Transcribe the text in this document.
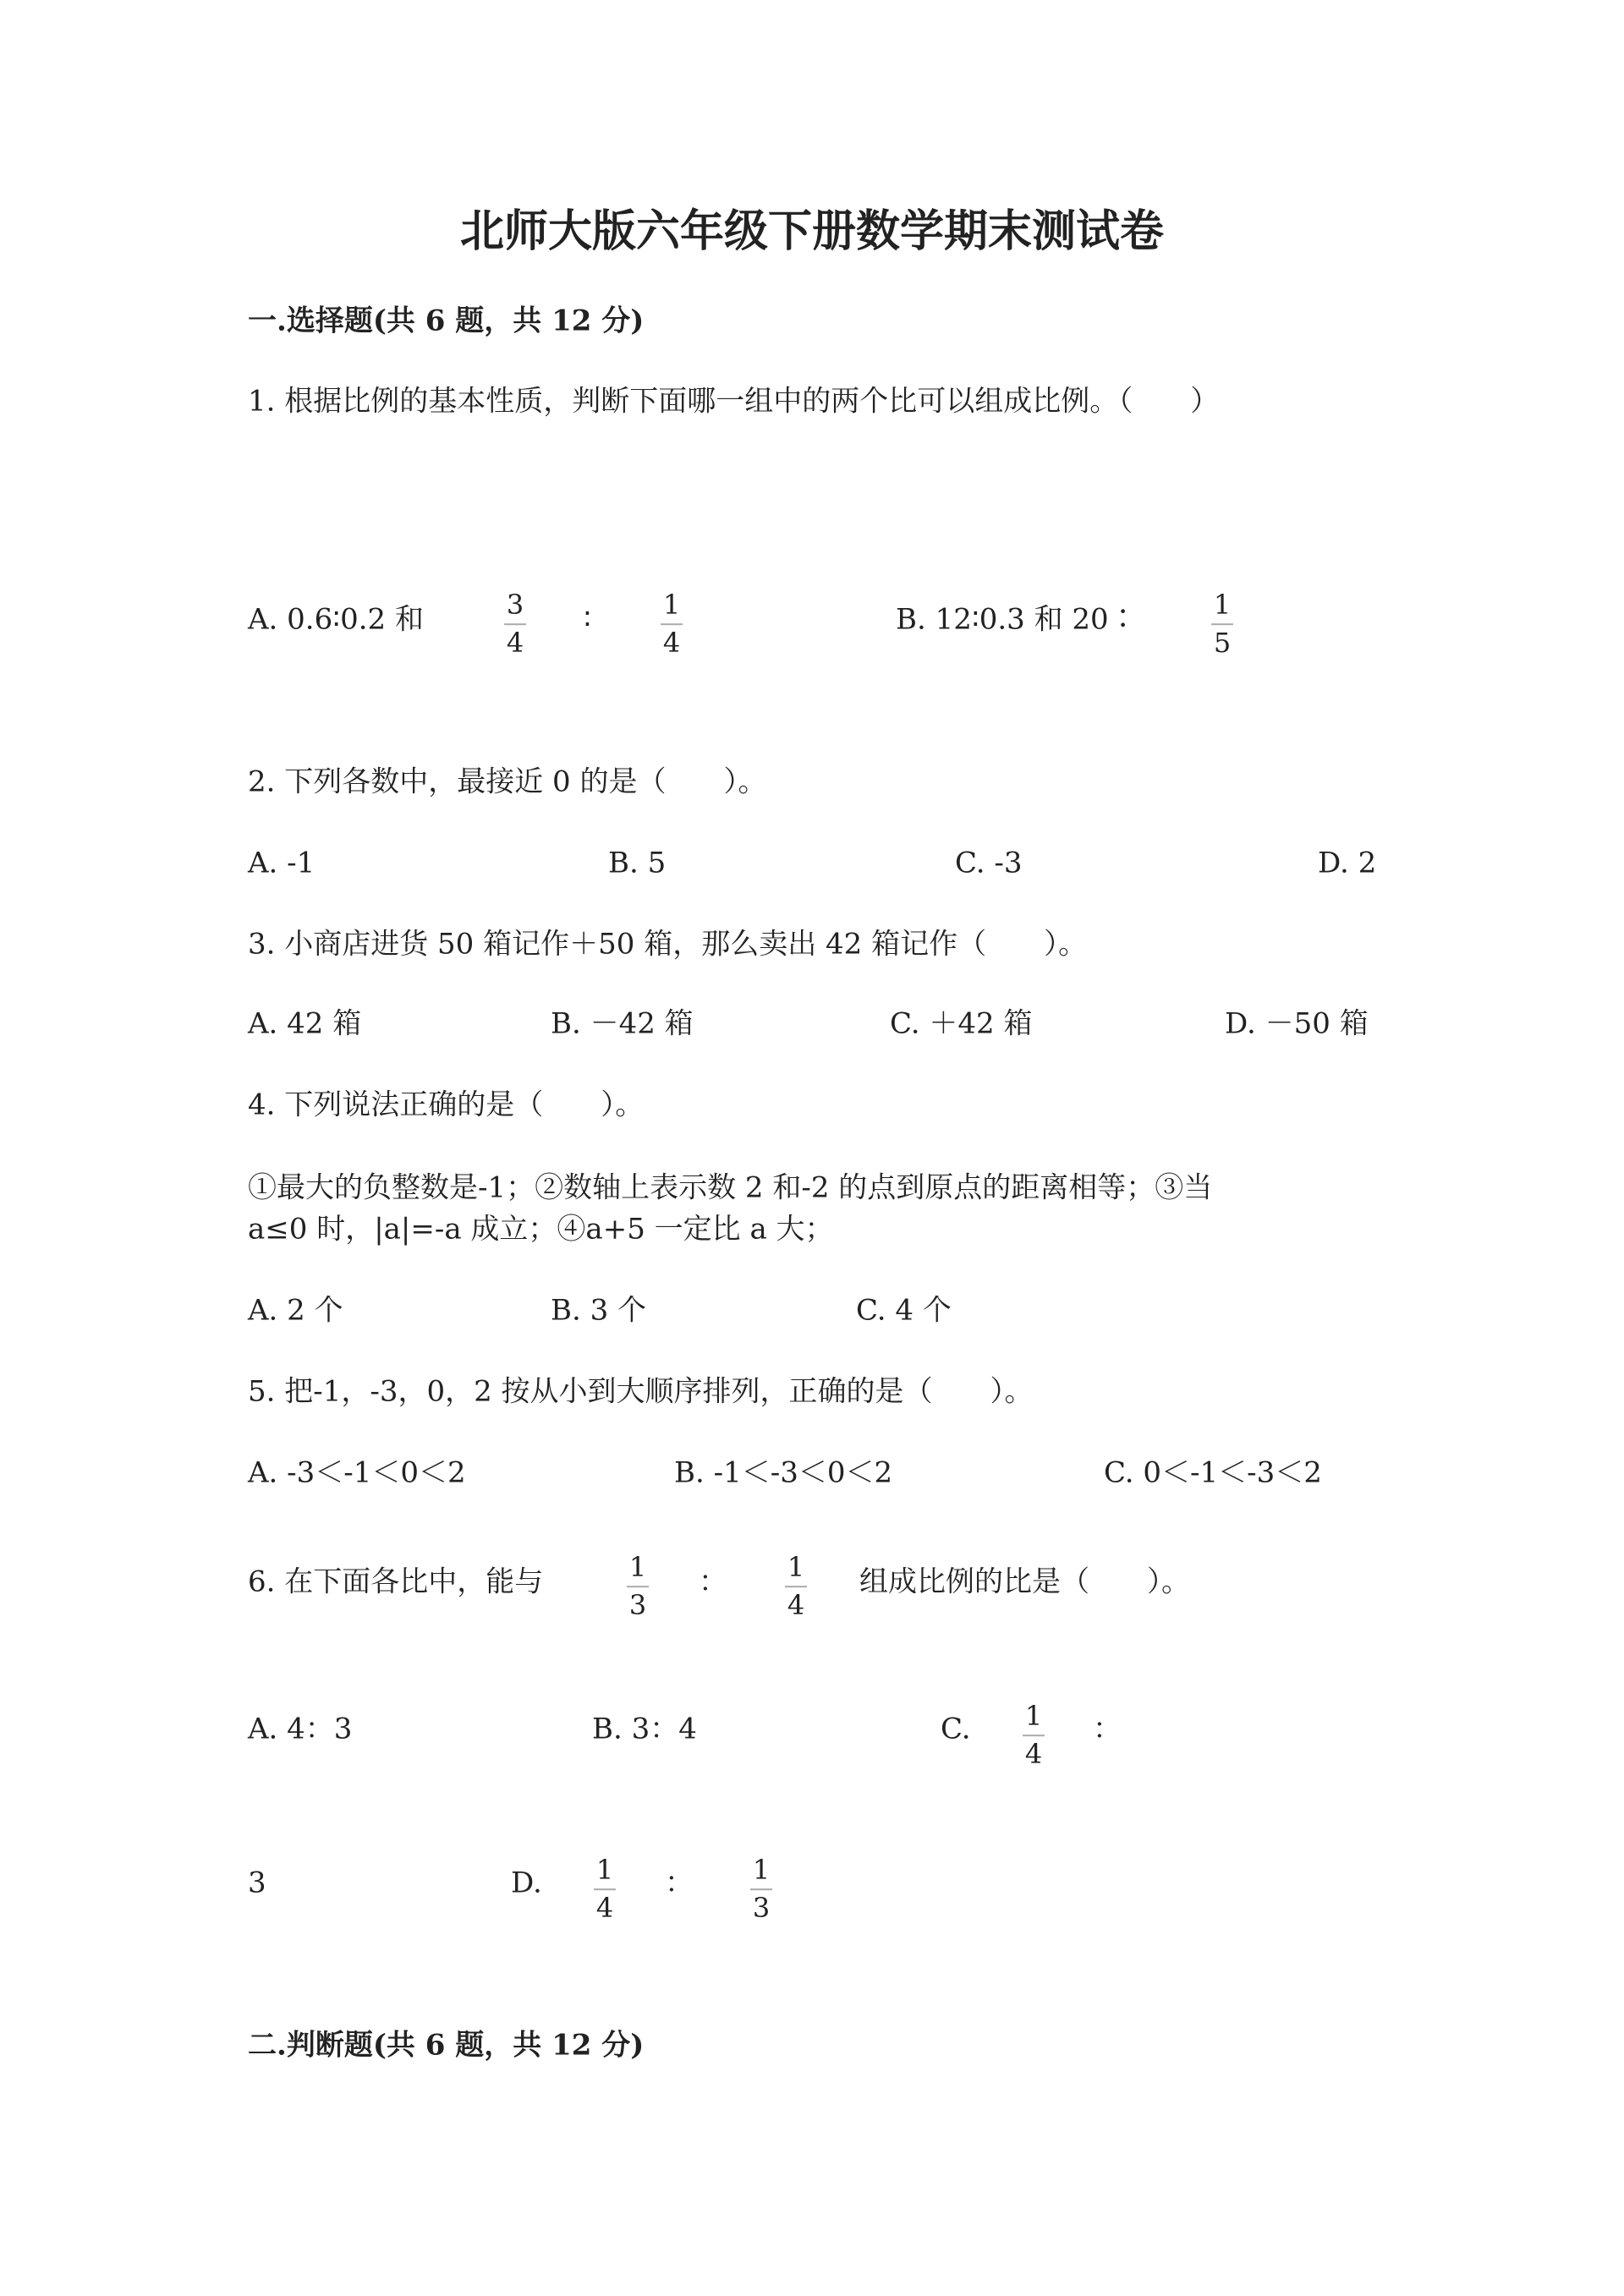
北师大版六年级下册数学期末测试卷
一.选择题(共 6 题，共 12 分)
1. 根据比例的基本性质，判断下面哪一组中的两个比可以组成比例。（　　）
A. 0.6∶0.2 和	3
4
∶	1
4
B. 12∶0.3 和 20∶	1
5
2. 下列各数中，最接近 0 的是（　　）。
A. -1	B. 5	C. -3	D. 2
3. 小商店进货 50 箱记作＋50 箱，那么卖出 42 箱记作（　　）。
A. 42 箱	B. －42 箱	C. ＋42 箱	D. －50 箱
4. 下列说法正确的是（　　）。
①最大的负整数是-1；②数轴上表示数 2 和-2 的点到原点的距离相等；③当
a≤0 时，|a|=-a 成立；④a+5 一定比 a 大；
A. 2 个	B. 3 个	C. 4 个
5. 把-1，-3，0，2 按从小到大顺序排列，正确的是（　　）。
A. -3＜-1＜0＜2	B. -1＜-3＜0＜2	C. 0＜-1＜-3＜2
6. 在下面各比中，能与	1
3
： 1
4
组成比例的比是（　　）。
A. 4：3	B. 3：4	C. 1
4
：
3	D. 1
4
： 1
3
二.判断题(共 6 题，共 12 分)
